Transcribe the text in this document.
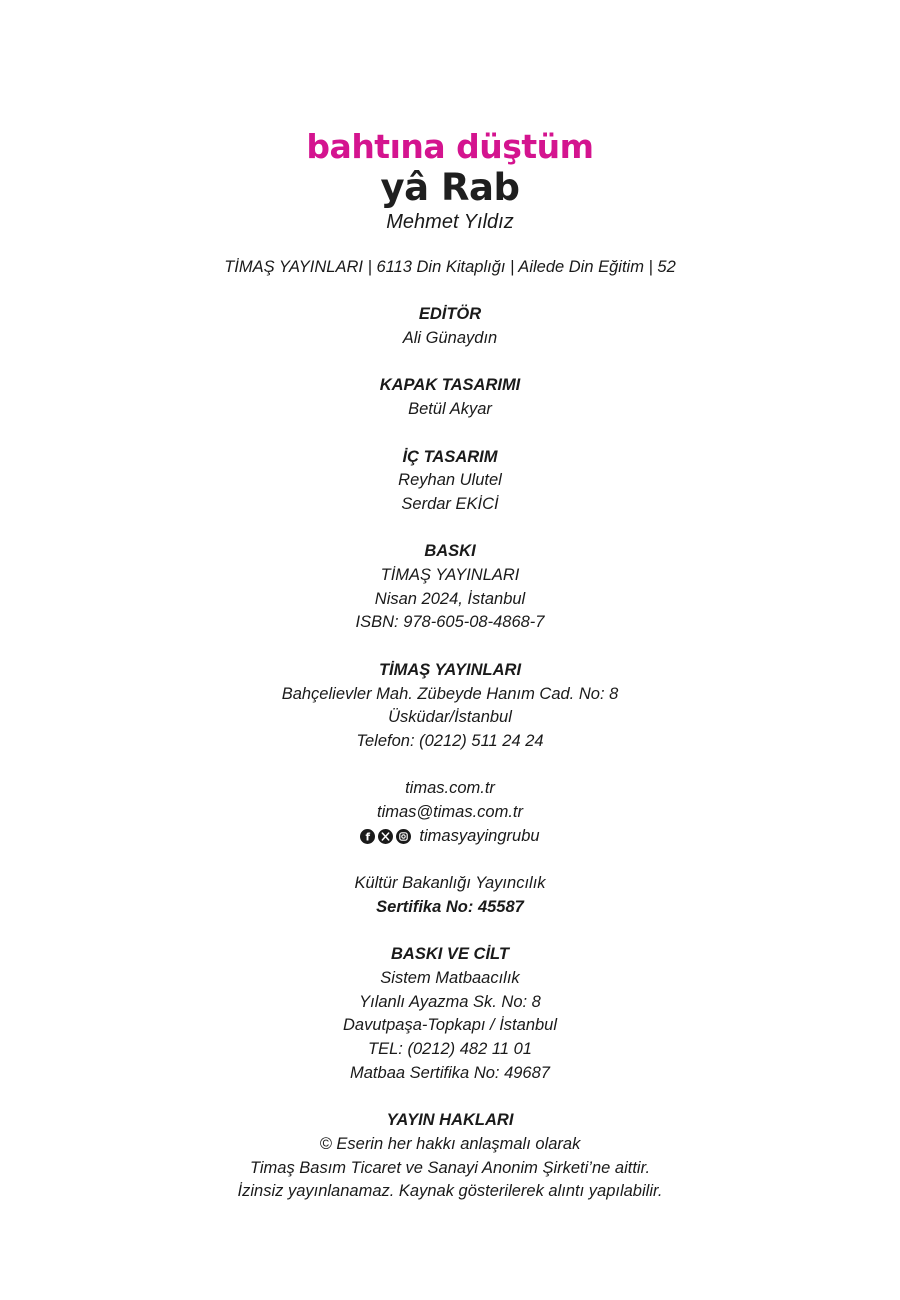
bahtına düştüm
yâ Rab
Mehmet Yıldız
TİMAŞ YAYINLARI | 6113 Din Kitaplığı | Ailede Din Eğitim | 52
EDİTÖR
Ali Günaydın
KAPAK TASARIMI
Betül Akyar
İÇ TASARIM
Reyhan Ulutel
Serdar EKİCİ
BASKI
TİMAŞ YAYINLARI
Nisan 2024, İstanbul
ISBN: 978-605-08-4868-7
TİMAŞ YAYINLARI
Bahçelievler Mah. Zübeyde Hanım Cad. No: 8
Üsküdar/İstanbul
Telefon: (0212) 511 24 24
timas.com.tr
timas@timas.com.tr
f	timasyayingrubu
Kültür Bakanlığı Yayıncılık
Sertifika No: 45587
BASKI VE CİLT
Sistem Matbaacılık
Yılanlı Ayazma Sk. No: 8
Davutpaşa-Topkapı / İstanbul
TEL: (0212) 482 11 01
Matbaa Sertifika No: 49687
YAYIN HAKLARI
© Eserin her hakkı anlaşmalı olarak
Timaş Basım Ticaret ve Sanayi Anonim Şirketi’ne aittir.
İzinsiz yayınlanamaz. Kaynak gösterilerek alıntı yapılabilir.
